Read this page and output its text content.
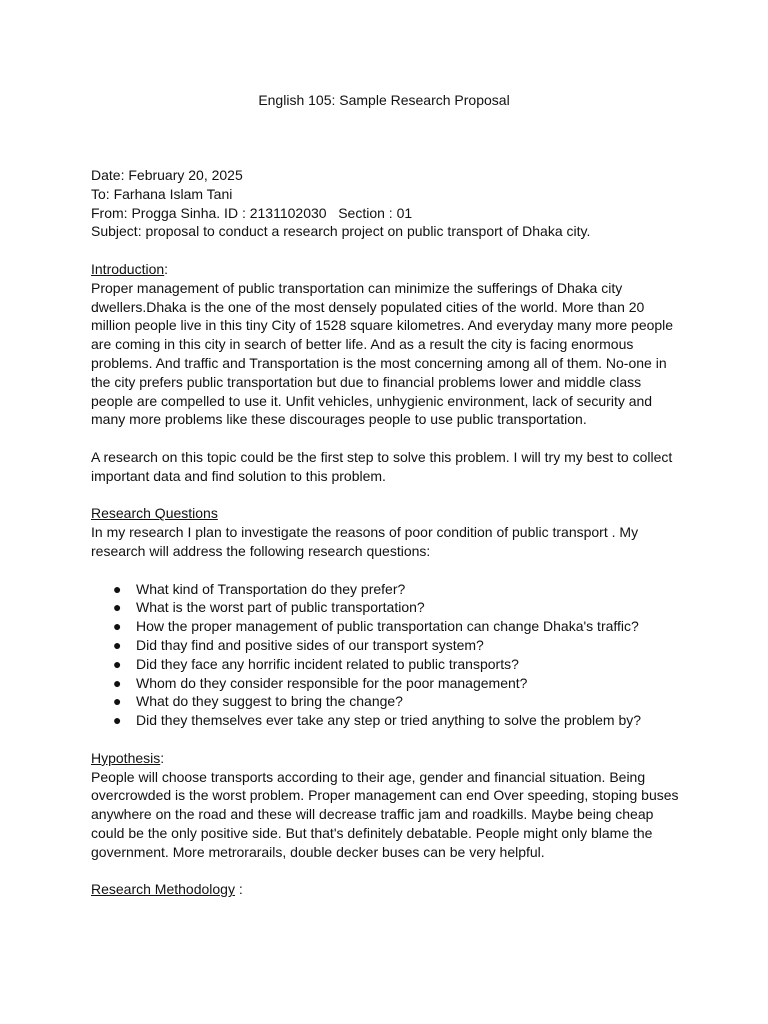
English 105: Sample Research Proposal

Date: February 20, 2025

To: Farhana Islam Tani

From: Progga Sinha. ID : 2131102030   Section : 01

Subject: proposal to conduct a research project on public transport of Dhaka city.

Introduction:

Proper management of public transportation can minimize the sufferings of Dhaka city dwellers.Dhaka is the one of the most densely populated cities of the world. More than 20 million people live in this tiny City of 1528 square kilometres. And everyday many more people are coming in this city in search of better life. And as a result the city is facing enormous problems. And traffic and Transportation is the most concerning among all of them. No-one in the city prefers public transportation but due to financial problems lower and middle class people are compelled to use it. Unfit vehicles, unhygienic environment, lack of security and many more problems like these discourages people to use public transportation.

A research on this topic could be the first step to solve this problem. I will try my best to collect important data and find solution to this problem.

Research Questions

In my research I plan to investigate the reasons of poor condition of public transport . My research will address the following research questions:

● What kind of Transportation do they prefer?
● What is the worst part of public transportation?
● How the proper management of public transportation can change Dhaka's traffic?
● Did thay find and positive sides of our transport system?
● Did they face any horrific incident related to public transports?
● Whom do they consider responsible for the poor management?
● What do they suggest to bring the change?
● Did they themselves ever take any step or tried anything to solve the problem by?

Hypothesis:

People will choose transports according to their age, gender and financial situation. Being overcrowded is the worst problem. Proper management can end Over speeding, stoping buses anywhere on the road and these will decrease traffic jam and roadkills. Maybe being cheap could be the only positive side. But that's definitely debatable. People might only blame the government. More metrorarails, double decker buses can be very helpful.

Research Methodology :
